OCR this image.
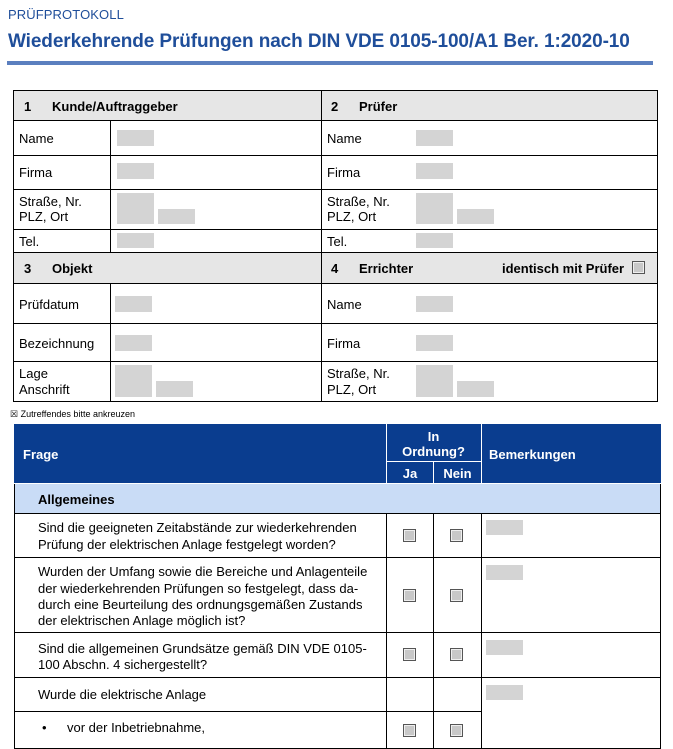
PRÜFPROTOKOLL
Wiederkehrende Prüfungen nach DIN VDE 0105-100/A1 Ber. 1:2020-10
1 Kunde/Auftraggeber
Name
Firma
Straße, Nr.
PLZ, Ort
Tel.
2 Prüfer
Name
Firma
Straße, Nr.
PLZ, Ort
Tel.
3 Objekt
Prüfdatum
Bezeichnung
Lage
Anschrift
4 Errichter	identisch mit Prüfer
Name
Firma
Straße, Nr.
PLZ, Ort
☒ Zutreffendes bitte ankreuzen
Frage
In
Ordnung?
Ja	Nein
Bemerkungen
Allgemeines
Sind die geeigneten Zeitabstände zur wiederkehrenden
Prüfung der elektrischen Anlage festgelegt worden?
Wurden der Umfang sowie die Bereiche und Anlagenteile
der wiederkehrenden Prüfungen so festgelegt, dass da-
durch eine Beurteilung des ordnungsgemäßen Zustands
der elektrischen Anlage möglich ist?
Sind die allgemeinen Grundsätze gemäß DIN VDE 0105-
100 Abschn. 4 sichergestellt?
Wurde die elektrische Anlage
• vor der Inbetriebnahme,
